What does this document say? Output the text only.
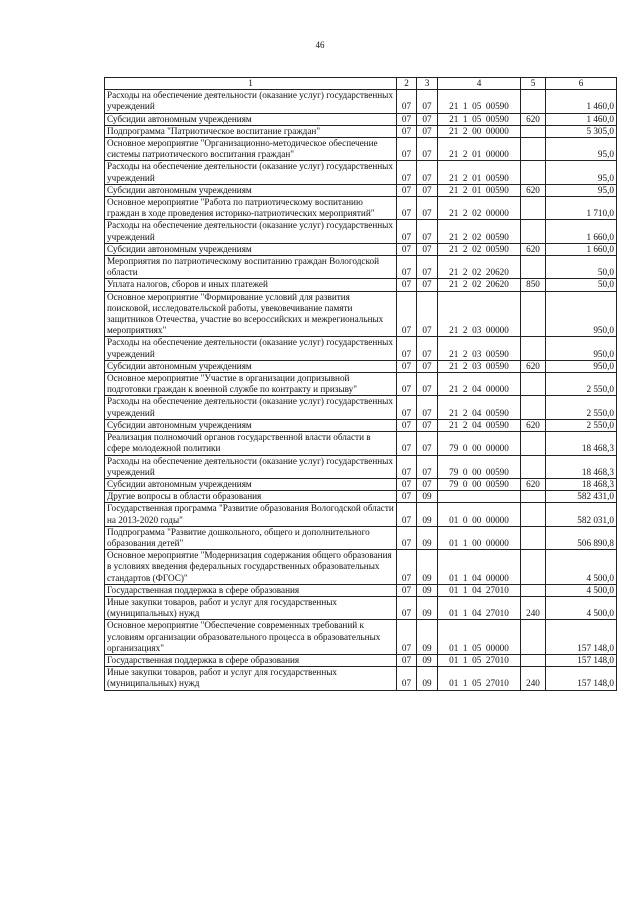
46
1	2	3	4	5	6
Расходы на обеспечение деятельности (оказание услуг) государственных учреждений	07	07	21  1  05  00590		1 460,0
Субсидии автономным учреждениям	07	07	21  1  05  00590	620	1 460,0
Подпрограмма "Патриотическое воспитание граждан"	07	07	21  2  00  00000		5 305,0
Основное мероприятие "Организационно-методическое обеспечение системы патриотического воспитания граждан"	07	07	21  2  01  00000		95,0
Расходы на обеспечение деятельности (оказание услуг) государственных учреждений	07	07	21  2  01  00590		95,0
Субсидии автономным учреждениям	07	07	21  2  01  00590	620	95,0
Основное мероприятие "Работа по патриотическому воспитанию граждан в ходе проведения историко-патриотических мероприятий"	07	07	21  2  02  00000		1 710,0
Расходы на обеспечение деятельности (оказание услуг) государственных учреждений	07	07	21  2  02  00590		1 660,0
Субсидии автономным учреждениям	07	07	21  2  02  00590	620	1 660,0
Мероприятия по патриотическому воспитанию граждан Вологодской области	07	07	21  2  02  20620		50,0
Уплата налогов, сборов и иных платежей	07	07	21  2  02  20620	850	50,0
Основное мероприятие "Формирование условий для развития поисковой, исследовательской работы, увековечивание памяти защитников Отечества, участие во всероссийских и межрегиональных мероприятиях"	07	07	21  2  03  00000		950,0
Расходы на обеспечение деятельности (оказание услуг) государственных учреждений	07	07	21  2  03  00590		950,0
Субсидии автономным учреждениям	07	07	21  2  03  00590	620	950,0
Основное мероприятие "Участие в организации допризывной подготовки граждан к военной службе по контракту и призыву"	07	07	21  2  04  00000		2 550,0
Расходы на обеспечение деятельности (оказание услуг) государственных учреждений	07	07	21  2  04  00590		2 550,0
Субсидии автономным учреждениям	07	07	21  2  04  00590	620	2 550,0
Реализация полномочий органов государственной власти области в сфере молодежной политики	07	07	79  0  00  00000		18 468,3
Расходы на обеспечение деятельности (оказание услуг) государственных учреждений	07	07	79  0  00  00590		18 468,3
Субсидии автономным учреждениям	07	07	79  0  00  00590	620	18 468,3
Другие вопросы в области образования	07	09			582 431,0
Государственная программа "Развитие образования Вологодской области на 2013-2020 годы"	07	09	01  0  00  00000		582 031,0
Подпрограмма "Развитие дошкольного, общего и дополнительного образования детей"	07	09	01  1  00  00000		506 890,8
Основное мероприятие "Модернизация содержания общего образования в условиях введения федеральных государственных образовательных стандартов (ФГОС)"	07	09	01  1  04  00000		4 500,0
Государственная поддержка в сфере образования	07	09	01  1  04  27010		4 500,0
Иные закупки товаров, работ и услуг для государственных (муниципальных) нужд	07	09	01  1  04  27010	240	4 500,0
Основное мероприятие "Обеспечение современных требований к условиям организации образовательного процесса в образовательных организациях"	07	09	01  1  05  00000		157 148,0
Государственная поддержка в сфере образования	07	09	01  1  05  27010		157 148,0
Иные закупки товаров, работ и услуг для государственных (муниципальных) нужд	07	09	01  1  05  27010	240	157 148,0
